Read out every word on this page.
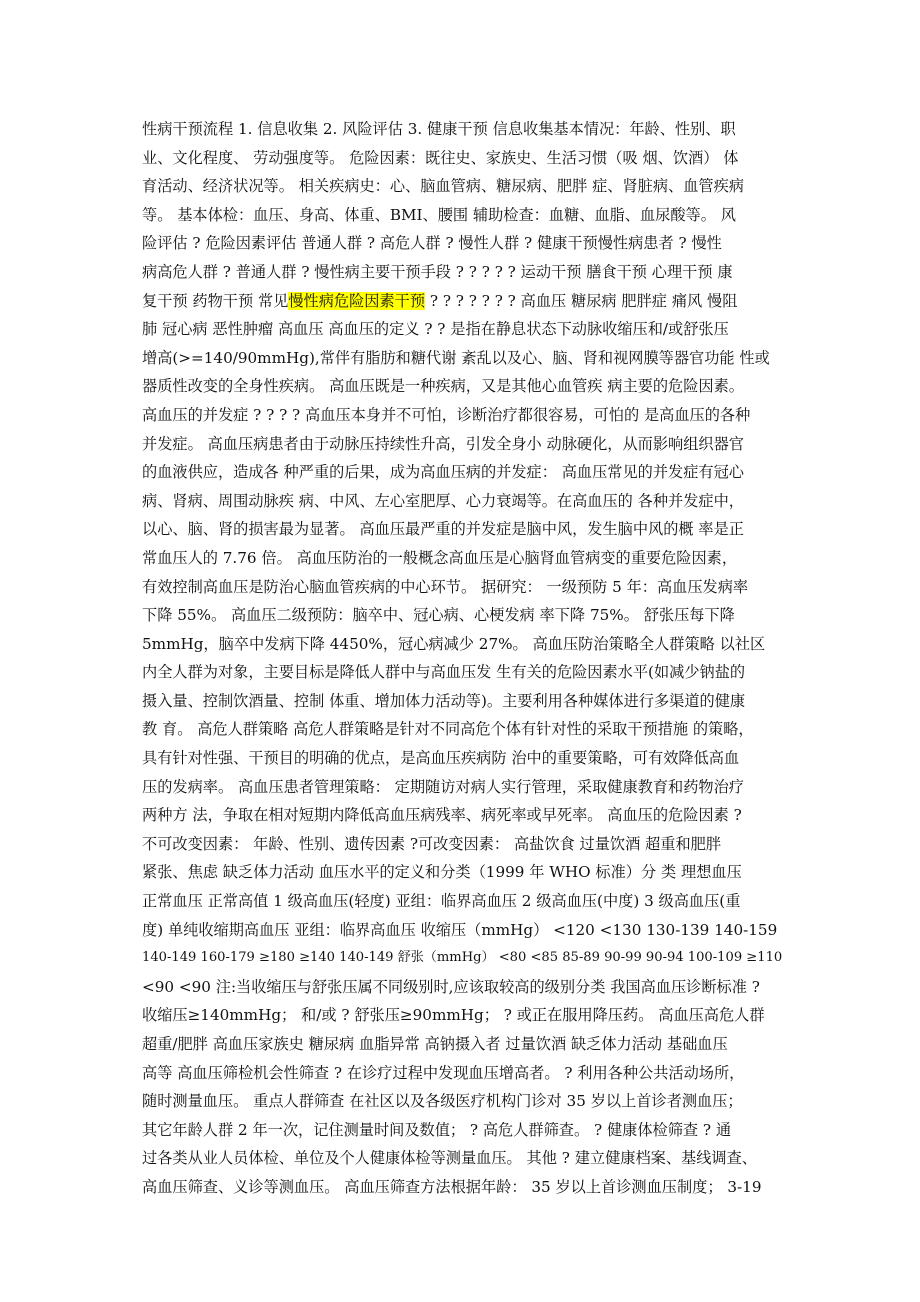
性病干预流程 1. 信息收集 2. 风险评估 3. 健康干预 信息收集基本情况：年龄、性别、职
业、文化程度、 劳动强度等。 危险因素：既往史、家族史、生活习惯（吸 烟、饮酒） 体
育活动、经济状况等。 相关疾病史：心、脑血管病、糖尿病、肥胖 症、肾脏病、血管疾病
等。 基本体检：血压、身高、体重、BMI、腰围 辅助检查：血糖、血脂、血尿酸等。 风
险评估 ? 危险因素评估 普通人群 ? 高危人群 ? 慢性人群 ? 健康干预慢性病患者 ? 慢性
病高危人群 ? 普通人群 ? 慢性病主要干预手段 ? ? ? ? ? 运动干预 膳食干预 心理干预 康
复干预 药物干预 常见慢性病危险因素干预 ? ? ? ? ? ? ? 高血压 糖尿病 肥胖症 痛风 慢阻
肺 冠心病 恶性肿瘤 高血压 高血压的定义 ? ? 是指在静息状态下动脉收缩压和/或舒张压
增高(>=140/90mmHg),常伴有脂肪和糖代谢 紊乱以及心、脑、肾和视网膜等器官功能 性或
器质性改变的全身性疾病。 高血压既是一种疾病，又是其他心血管疾 病主要的危险因素。
高血压的并发症 ? ? ? ? 高血压本身并不可怕，诊断治疗都很容易，可怕的 是高血压的各种
并发症。 高血压病患者由于动脉压持续性升高，引发全身小 动脉硬化，从而影响组织器官
的血液供应，造成各 种严重的后果，成为高血压病的并发症： 高血压常见的并发症有冠心
病、肾病、周围动脉疾 病、中风、左心室肥厚、心力衰竭等。在高血压的 各种并发症中，
以心、脑、肾的损害最为显著。 高血压最严重的并发症是脑中风，发生脑中风的概 率是正
常血压人的 7.76 倍。 高血压防治的一般概念高血压是心脑肾血管病变的重要危险因素，
有效控制高血压是防治心脑血管疾病的中心环节。 据研究： 一级预防 5 年：高血压发病率
下降 55%。 高血压二级预防：脑卒中、冠心病、心梗发病 率下降 75%。 舒张压每下降
5mmHg，脑卒中发病下降 4450%，冠心病减少 27%。 高血压防治策略全人群策略 以社区
内全人群为对象，主要目标是降低人群中与高血压发 生有关的危险因素水平(如减少钠盐的
摄入量、控制饮酒量、控制 体重、增加体力活动等)。主要利用各种媒体进行多渠道的健康
教 育。 高危人群策略 高危人群策略是针对不同高危个体有针对性的采取干预措施 的策略，
具有针对性强、干预目的明确的优点，是高血压疾病防 治中的重要策略，可有效降低高血
压的发病率。 高血压患者管理策略： 定期随访对病人实行管理，采取健康教育和药物治疗
两种方 法，争取在相对短期内降低高血压病残率、病死率或早死率。 高血压的危险因素 ?
不可改变因素： 年龄、性别、遗传因素 ?可改变因素： 高盐饮食 过量饮酒 超重和肥胖
紧张、焦虑 缺乏体力活动 血压水平的定义和分类（1999 年 WHO 标准）分 类 理想血压
正常血压 正常高值 1 级高血压(轻度) 亚组：临界高血压 2 级高血压(中度) 3 级高血压(重
度) 单纯收缩期高血压 亚组：临界高血压 收缩压（mmHg） <120 <130 130-139 140-159
140-149 160-179 ≥180 ≥140 140-149 舒张（mmHg） <80 <85 85-89 90-99 90-94 100-109 ≥110
<90 <90 注:当收缩压与舒张压属不同级别时,应该取较高的级别分类 我国高血压诊断标准 ?
收缩压≥140mmHg； 和/或 ? 舒张压≥90mmHg； ? 或正在服用降压药。 高血压高危人群
超重/肥胖 高血压家族史 糖尿病 血脂异常 高钠摄入者 过量饮酒 缺乏体力活动 基础血压
高等 高血压筛检机会性筛查 ? 在诊疗过程中发现血压增高者。 ? 利用各种公共活动场所，
随时测量血压。 重点人群筛查 在社区以及各级医疗机构门诊对 35 岁以上首诊者测血压；
其它年龄人群 2 年一次，记住测量时间及数值； ? 高危人群筛查。 ? 健康体检筛查 ? 通
过各类从业人员体检、单位及个人健康体检等测量血压。 其他 ? 建立健康档案、基线调查、
高血压筛查、义诊等测血压。 高血压筛查方法根据年龄： 35 岁以上首诊测血压制度； 3-19
